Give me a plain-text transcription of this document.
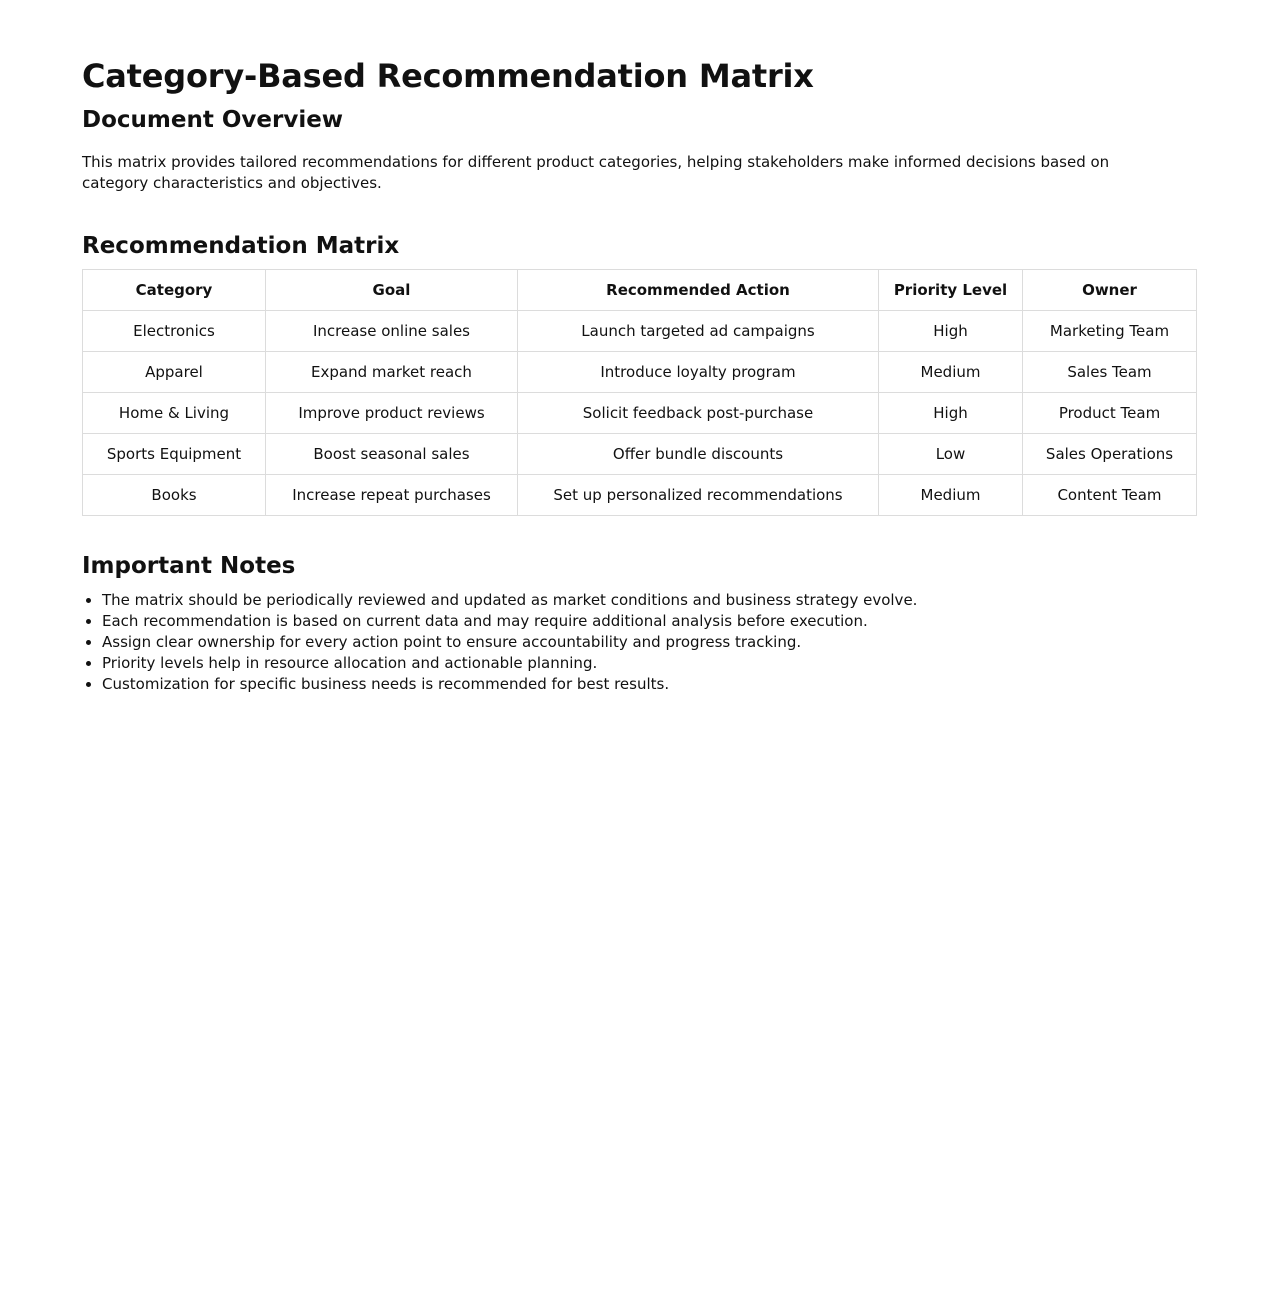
Category-Based Recommendation Matrix
Document Overview

This matrix provides tailored recommendations for different product categories, helping stakeholders make informed decisions based on category characteristics and objectives.

Recommendation Matrix
Category	Goal	Recommended Action	Priority Level	Owner
Electronics	Increase online sales	Launch targeted ad campaigns	High	Marketing Team
Apparel	Expand market reach	Introduce loyalty program	Medium	Sales Team
Home & Living	Improve product reviews	Solicit feedback post-purchase	High	Product Team
Sports Equipment	Boost seasonal sales	Offer bundle discounts	Low	Sales Operations
Books	Increase repeat purchases	Set up personalized recommendations	Medium	Content Team
Important Notes
• The matrix should be periodically reviewed and updated as market conditions and business strategy evolve.
• Each recommendation is based on current data and may require additional analysis before execution.
• Assign clear ownership for every action point to ensure accountability and progress tracking.
• Priority levels help in resource allocation and actionable planning.
• Customization for specific business needs is recommended for best results.
